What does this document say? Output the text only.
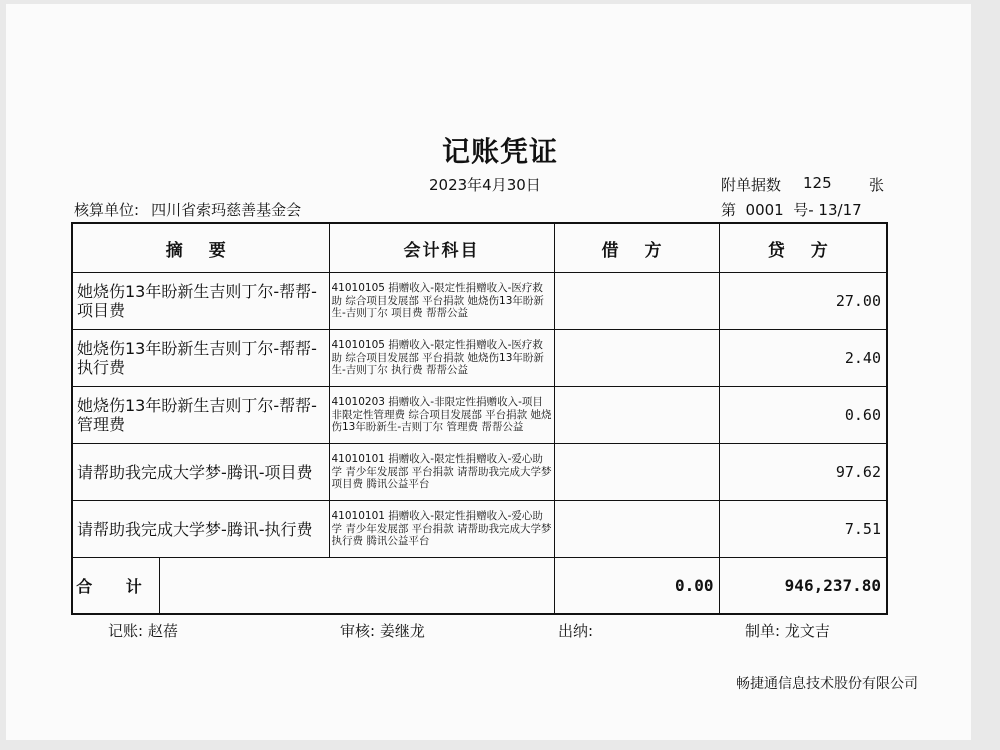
记账凭证
2023年4月30日	附单据数 125	张
核算单位: 四川省索玛慈善基金会	第  0001  号- 13/17
摘 要	会计科目	借 方	贷 方
她烧伤13年盼新生吉则丁尔-帮帮-项目费	41010105 捐赠收入-限定性捐赠收入-医疗救助 综合项目发展部 平台捐款 她烧伤13年盼新生-吉则丁尔 项目费 帮帮公益		27.00
她烧伤13年盼新生吉则丁尔-帮帮-执行费	41010105 捐赠收入-限定性捐赠收入-医疗救助 综合项目发展部 平台捐款 她烧伤13年盼新生-吉则丁尔 执行费 帮帮公益		2.40
她烧伤13年盼新生吉则丁尔-帮帮-管理费	41010203 捐赠收入-非限定性捐赠收入-项目非限定性管理费 综合项目发展部 平台捐款 她烧伤13年盼新生-吉则丁尔 管理费 帮帮公益		0.60
请帮助我完成大学梦-腾讯-项目费	41010101 捐赠收入-限定性捐赠收入-爱心助学 青少年发展部 平台捐款 请帮助我完成大学梦 项目费 腾讯公益平台		97.62
请帮助我完成大学梦-腾讯-执行费	41010101 捐赠收入-限定性捐赠收入-爱心助学 青少年发展部 平台捐款 请帮助我完成大学梦 执行费 腾讯公益平台		7.51

合 计		0.00	946,237.80
记账: 赵蓓	审核: 姜继龙	出纳:	制单: 龙文吉
畅捷通信息技术股份有限公司
